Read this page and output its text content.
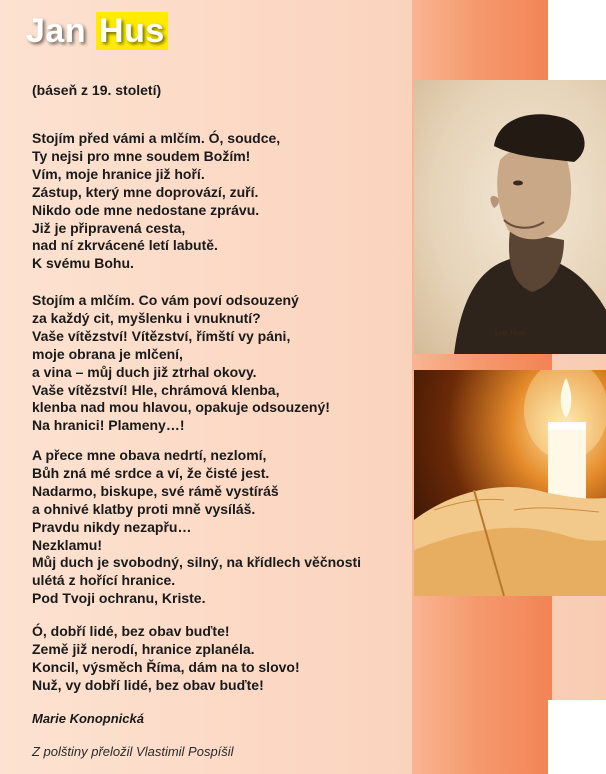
Jan Hus
(báseň z 19. století)
Stojím před vámi a mlčím. Ó, soudce,
Ty nejsi pro mne soudem Božím!
Vím, moje hranice již hoří.
Zástup, který mne doprovází, zuří.
Nikdo ode mne nedostane zprávu.
Již je připravená cesta,
nad ní zkrvácené letí labutě.
K svému Bohu.
Stojím a mlčím. Co vám poví odsouzený
za každý cit, myšlenku i vnuknutí?
Vaše vítězství! Vítězství, římští vy páni,
moje obrana je mlčení,
a vina – můj duch již ztrhal okovy.
Vaše vítězství! Hle, chrámová klenba,
klenba nad mou hlavou, opakuje odsouzený!
Na hranici! Plameny…!
A přece mne obava nedrtí, nezlomí,
Bůh zná mé srdce a ví, že čisté jest.
Nadarmo, biskupe, své rámě vystíráš
a ohnivé klatby proti mně vysíláš.
Pravdu nikdy nezapřu…
Nezklamu!
Můj duch je svobodný, silný, na křídlech věčnosti
ulétá z hořící hranice.
Pod Tvoji ochranu, Kriste.
Ó, dobří lidé, bez obav buďte!
Země již nerodí, hranice zplanéla.
Koncil, výsměch Říma, dám na to slovo!
Nuž, vy dobří lidé, bez obav buďte!
Marie Konopnická
Z polštiny přeložil Vlastimil Pospíšil
Jan Hus
